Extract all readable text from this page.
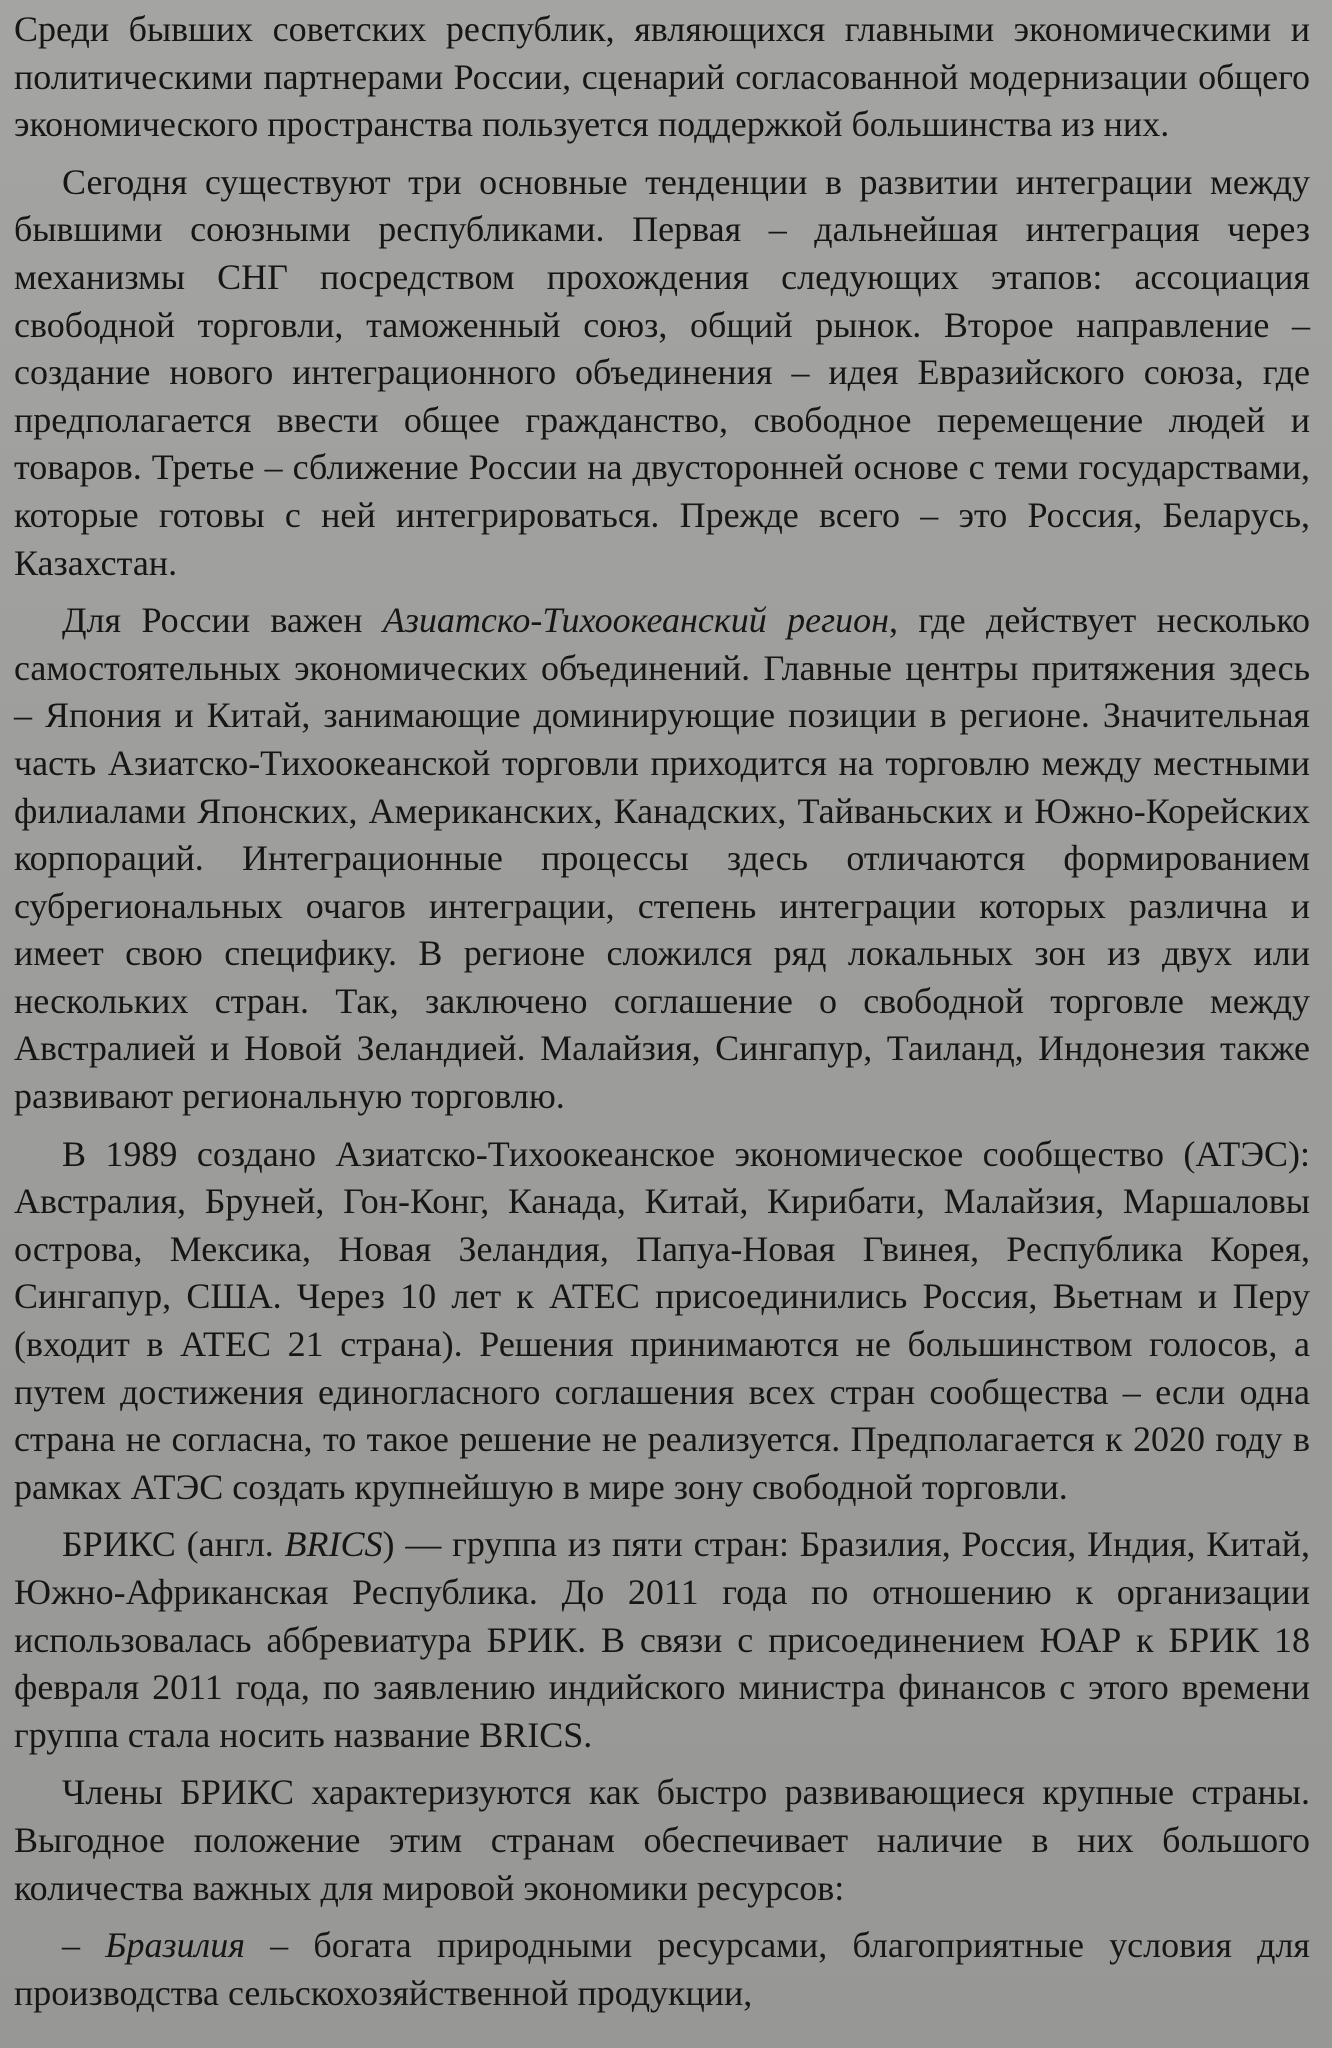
Среди бывших советских республик, являющихся главными экономическими и политическими партнерами России, сценарий согласованной модернизации общего экономического пространства пользуется поддержкой большинства из них.

Сегодня существуют три основные тенденции в развитии интеграции между бывшими союзными республиками. Первая – дальнейшая интеграция через механизмы СНГ посредством прохождения следующих этапов: ассоциация свободной торговли, таможенный союз, общий рынок. Второе направление – создание нового интеграционного объединения – идея Евразийского союза, где предполагается ввести общее гражданство, свободное перемещение людей и товаров. Третье – сближение России на двусторонней основе с теми государствами, которые готовы с ней интегрироваться. Прежде всего – это Россия, Беларусь, Казахстан.

Для России важен Азиатско-Тихоокеанский регион, где действует несколько самостоятельных экономических объединений. Главные центры притяжения здесь – Япония и Китай, занимающие доминирующие позиции в регионе. Значительная часть Азиатско-Тихоокеанской торговли приходится на торговлю между местными филиалами Японских, Американских, Канадских, Тайваньских и Южно-Корейских корпораций. Интеграционные процессы здесь отличаются формированием субрегиональных очагов интеграции, степень интеграции которых различна и имеет свою специфику. В регионе сложился ряд локальных зон из двух или нескольких стран. Так, заключено соглашение о свободной торговле между Австралией и Новой Зеландией. Малайзия, Сингапур, Таиланд, Индонезия также развивают региональную торговлю.

В 1989 создано Азиатско-Тихоокеанское экономическое сообщество (АТЭС): Австралия, Бруней, Гон-Конг, Канада, Китай, Кирибати, Малайзия, Маршаловы острова, Мексика, Новая Зеландия, Папуа-Новая Гвинея, Республика Корея, Сингапур, США. Через 10 лет к АТЕС присоединились Россия, Вьетнам и Перу (входит в АТЕС 21 страна). Решения принимаются не большинством голосов, а путем достижения единогласного соглашения всех стран сообщества – если одна страна не согласна, то такое решение не реализуется. Предполагается к 2020 году в рамках АТЭС создать крупнейшую в мире зону свободной торговли.

БРИКС (англ. BRICS) — группа из пяти стран: Бразилия, Россия, Индия, Китай, Южно-Африканская Республика. До 2011 года по отношению к организации использовалась аббревиатура БРИК. В связи с присоединением ЮАР к БРИК 18 февраля 2011 года, по заявлению индийского министра финансов с этого времени группа стала носить название BRICS.

Члены БРИКС характеризуются как быстро развивающиеся крупные страны. Выгодное положение этим странам обеспечивает наличие в них большого количества важных для мировой экономики ресурсов:

– Бразилия – богата природными ресурсами, благоприятные условия для производства сельскохозяйственной продукции,
